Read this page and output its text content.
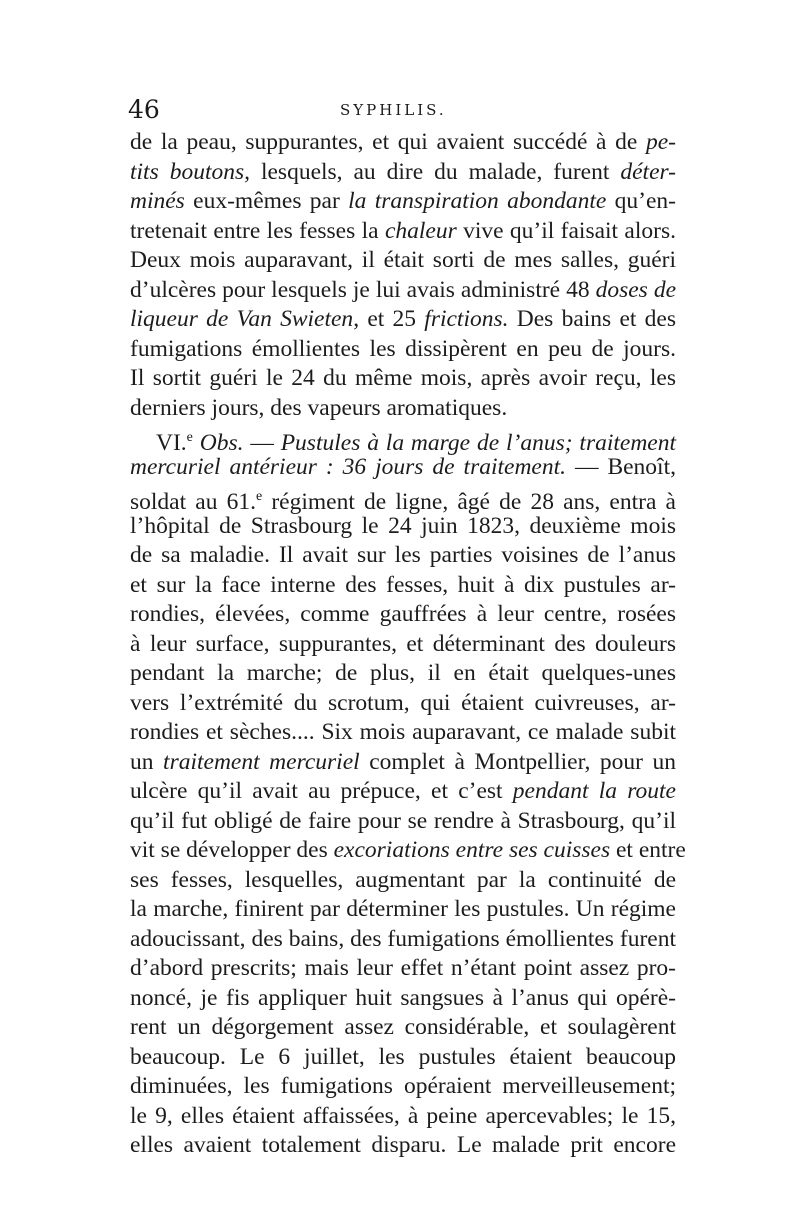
46	SYPHILIS.
de la peau, suppurantes, et qui avaient succédé à de pe-
tits boutons, lesquels, au dire du malade, furent déter-
minés eux-mêmes par la transpiration abondante qu’en-
tretenait entre les fesses la chaleur vive qu’il faisait alors.
Deux mois auparavant, il était sorti de mes salles, guéri
d’ulcères pour lesquels je lui avais administré 48 doses de
liqueur de Van Swieten, et 25 frictions. Des bains et des
fumigations émollientes les dissipèrent en peu de jours.
Il sortit guéri le 24 du même mois, après avoir reçu, les
derniers jours, des vapeurs aromatiques.
VI.$^e$ Obs. — Pustules à la marge de l’anus; traitement
mercuriel antérieur : 36 jours de traitement. — Benoît,
soldat au 61.$^e$ régiment de ligne, âgé de 28 ans, entra à
l’hôpital de Strasbourg le 24 juin 1823, deuxième mois
de sa maladie. Il avait sur les parties voisines de l’anus
et sur la face interne des fesses, huit à dix pustules ar-
rondies, élevées, comme gauffrées à leur centre, rosées
à leur surface, suppurantes, et déterminant des douleurs
pendant la marche; de plus, il en était quelques-unes
vers l’extrémité du scrotum, qui étaient cuivreuses, ar-
rondies et sèches.... Six mois auparavant, ce malade subit
un traitement mercuriel complet à Montpellier, pour un
ulcère qu’il avait au prépuce, et c’est pendant la route
qu’il fut obligé de faire pour se rendre à Strasbourg, qu’il
vit se développer des excoriations entre ses cuisses et entre
ses fesses, lesquelles, augmentant par la continuité de
la marche, finirent par déterminer les pustules. Un régime
adoucissant, des bains, des fumigations émollientes furent
d’abord prescrits; mais leur effet n’étant point assez pro-
noncé, je fis appliquer huit sangsues à l’anus qui opérè-
rent un dégorgement assez considérable, et soulagèrent
beaucoup. Le 6 juillet, les pustules étaient beaucoup
diminuées, les fumigations opéraient merveilleusement;
le 9, elles étaient affaissées, à peine apercevables; le 15,
elles avaient totalement disparu. Le malade prit encore
